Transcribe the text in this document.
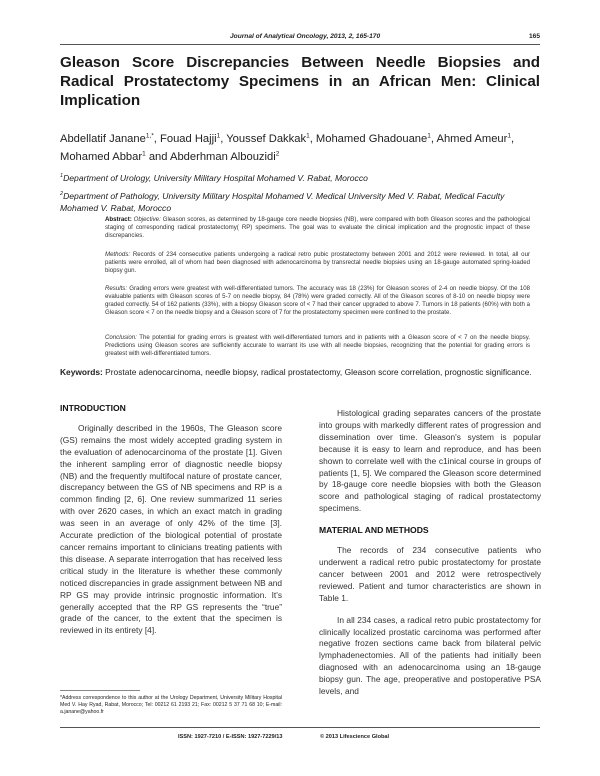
Journal of Analytical Oncology, 2013, 2, 165-170	165
Gleason Score Discrepancies Between Needle Biopsies and Radical Prostatectomy Specimens in an African Men: Clinical Implication
Abdellatif Janane$^{1,*}$, Fouad Hajji$^1$, Youssef Dakkak$^1$, Mohamed Ghadouane$^1$, Ahmed Ameur$^1$, Mohamed Abbar$^1$ and Abderhman Albouzidi$^2$
$^1$Department of Urology, University Military Hospital Mohamed V. Rabat, Morocco
$^2$Department of Pathology, University Military Hospital Mohamed V. Medical University Med V. Rabat, Medical Faculty Mohamed V. Rabat, Morocco
Abstract: Objective: Gleason scores, as determined by 18-gauge core needle biopsies (NB), were compared with both Gleason scores and the pathological staging of corresponding radical prostatectomy( RP) specimens. The goal was to evaluate the clinical implication and the prognostic impact of these discrepancies.
Methods: Records of 234 consecutive patients undergoing a radical retro pubic prostatectomy between 2001 and 2012 were reviewed. In total, all our patients were enrolled, all of whom had been diagnosed with adenocarcinoma by transrectal needle biopsies using an 18-gauge automated spring-loaded biopsy gun.
Results: Grading errors were greatest with well-differentiated tumors. The accuracy was 18 (23%) for Gleason scores of 2-4 on needle biopsy. Of the 108 evaluable patients with Gleason scores of 5-7 on needle biopsy, 84 (78%) were graded correctly. All of the Gleason scores of 8-10 on needle biopsy were graded correctly. 54 of 162 patients (33%), with a biopsy Gleason score of < 7 had their cancer upgraded to above 7. Tumors in 18 patients (60%) with both a Gleason score < 7 on the needle biopsy and a Gleason score of 7 for the prostatectomy specimen were confined to the prostate.
Conclusion: The potential for grading errors is greatest with well-differentiated tumors and in patients with a Gleason score of < 7 on the needle biopsy. Predictions using Gleason scores are sufficiently accurate to warrant its use with all needle biopsies, recognizing that the potential for grading errors is greatest with well-differentiated tumors.
Keywords: Prostate adenocarcinoma, needle biopsy, radical prostatectomy, Gleason score correlation, prognostic significance.
INTRODUCTION

Originally described in the 1960s, The Gleason score (GS) remains the most widely accepted grading system in the evaluation of adenocarcinoma of the prostate [1]. Given the inherent sampling error of diagnostic needle biopsy (NB) and the frequently multifocal nature of prostate cancer, discrepancy between the GS of NB specimens and RP is a common finding [2, 6]. One review summarized 11 series with over 2620 cases, in which an exact match in grading was seen in an average of only 42% of the time [3]. Accurate prediction of the biological potential of prostate cancer remains important to clinicians treating patients with this disease. A separate interrogation that has received less critical study in the literature is whether these commonly noticed discrepancies in grade assignment between NB and RP GS may provide intrinsic prognostic information. It's generally accepted that the RP GS represents the “true” grade of the cancer, to the extent that the specimen is reviewed in its entirety [4].

Histological grading separates cancers of the prostate into groups with markedly different rates of progression and dissemination over time. Gleason's system is popular because it is easy to learn and reproduce, and has been shown to correlate well with the c1inical course in groups of patients [1, 5]. We compared the Gleason score determined by 18-gauge core needle biopsies with both the Gleason score and pathological staging of radical prostatectomy specimens.

MATERIAL AND METHODS

The records of 234 consecutive patients who underwent a radical retro pubic prostatectomy for prostate cancer between 2001 and 2012 were retrospectively reviewed. Patient and tumor characteristics are shown in Table 1.

In all 234 cases, a radical retro pubic prostatectomy for clinically localized prostatic carcinoma was performed after negative frozen sections came back from bilateral pelvic lymphadenectomies. All of the patients had initially been diagnosed with an adenocarcinoma using an 18-gauge biopsy gun. The age, preoperative and postoperative PSA levels, and

*Address correspondence to this author at the Urology Department, University Military Hospital Med V. Hay Ryad, Rabat, Morocco; Tel: 00212 61 2193 21; Fax: 00212 5 37 71 68 10; E-mail: a.janane@yahoo.fr
ISSN: 1927-7210 / E-ISSN: 1927-7229/13	© 2013 Lifescience Global
